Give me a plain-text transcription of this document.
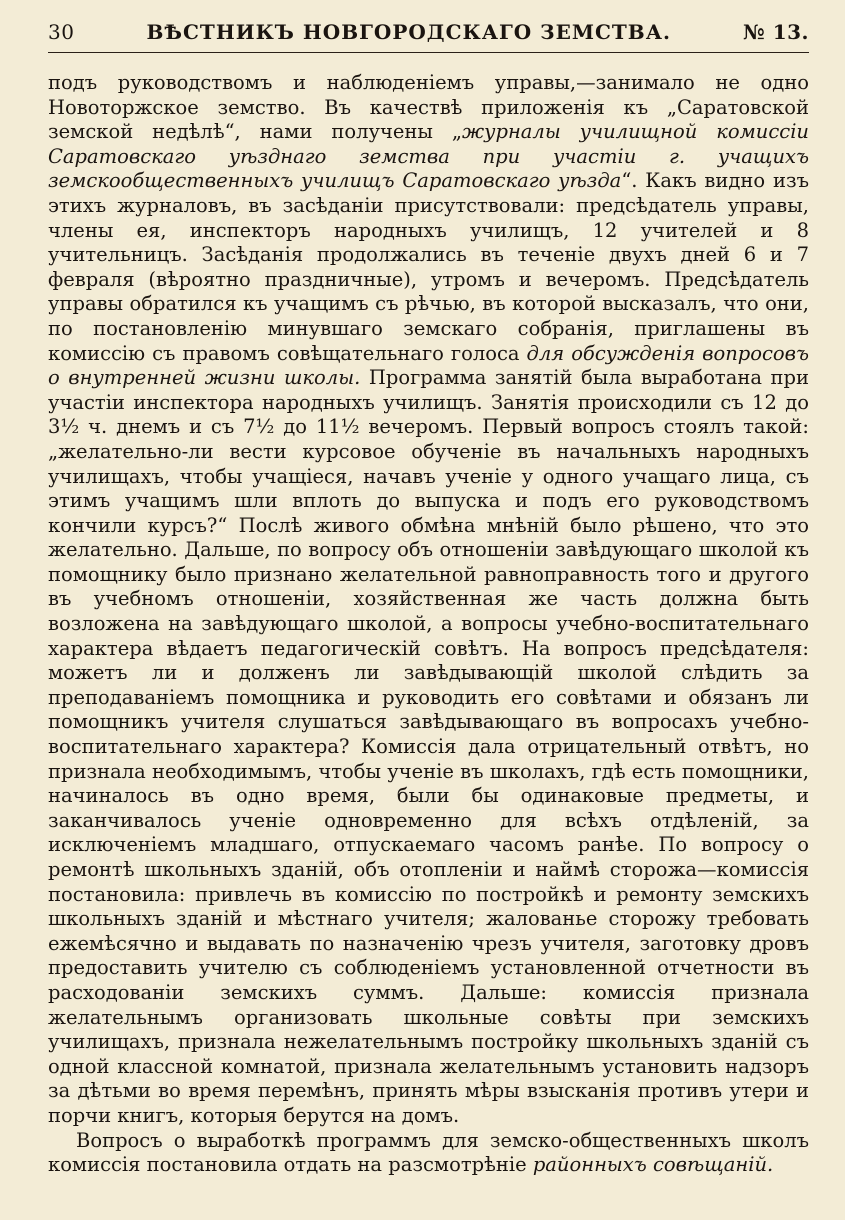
30	ВѢСТНИКЪ НОВГОРОДСКАГО ЗЕМСТВА.	№ 13.

подъ руководствомъ и наблюденіемъ управы,—занимало не одно Новоторжское земство. Въ качествѣ приложенія къ „Саратовской земской недѣлѣ“, нами получены „журналы училищной комиссіи Саратовскаго уѣзднаго земства при участіи г. учащихъ земскообщественныхъ училищъ Саратовскаго уѣзда“. Какъ видно изъ этихъ журналовъ, въ засѣданіи присутствовали: предсѣдатель управы, члены ея, инспекторъ народныхъ училищъ, 12 учителей и 8 учительницъ. Засѣданія продолжались въ теченіе двухъ дней 6 и 7 февраля (вѣроятно праздничные), утромъ и вечеромъ. Предсѣдатель управы обратился къ учащимъ съ рѣчью, въ которой высказалъ, что они, по постановленію минувшаго земскаго собранія, приглашены въ комиссію съ правомъ совѣщательнаго голоса для обсужденія вопросовъ о внутренней жизни школы. Программа занятій была выработана при участіи инспектора народныхъ училищъ. Занятія происходили съ 12 до 3½ ч. днемъ и съ 7½ до 11½ вечеромъ. Первый вопросъ стоялъ такой: „желательно-ли вести курсовое обученіе въ начальныхъ народныхъ училищахъ, чтобы учащіеся, начавъ ученіе у одного учащаго лица, съ этимъ учащимъ шли вплоть до выпуска и подъ его руководствомъ кончили курсъ?“ Послѣ живого обмѣна мнѣній было рѣшено, что это желательно. Дальше, по вопросу объ отношеніи завѣдующаго школой къ помощнику было признано желательной равноправность того и другого въ учебномъ отношеніи, хозяйственная же часть должна быть возложена на завѣдующаго школой, а вопросы учебно-воспитательнаго характера вѣдаетъ педагогическій совѣтъ. На вопросъ предсѣдателя: можетъ ли и долженъ ли завѣдывающій школой слѣдить за преподаваніемъ помощника и руководить его совѣтами и обязанъ ли помощникъ учителя слушаться завѣдывающаго въ вопросахъ учебно-воспитательнаго характера? Комиссія дала отрицательный отвѣтъ, но признала необходимымъ, чтобы ученіе въ школахъ, гдѣ есть помощники, начиналось въ одно время, были бы одинаковые предметы, и заканчивалось ученіе одновременно для всѣхъ отдѣленій, за исключеніемъ младшаго, отпускаемаго часомъ ранѣе. По вопросу о ремонтѣ школьныхъ зданій, объ отопленіи и наймѣ сторожа—комиссія постановила: привлечь въ комиссію по постройкѣ и ремонту земскихъ школьныхъ зданій и мѣстнаго учителя; жалованье сторожу требовать ежемѣсячно и выдавать по назначенію чрезъ учителя, заготовку дровъ предоставить учителю съ соблюденіемъ установленной отчетности въ расходованіи земскихъ суммъ. Дальше: комиссія признала желательнымъ организовать школьные совѣты при земскихъ училищахъ, признала нежелательнымъ постройку школьныхъ зданій съ одной классной комнатой, признала желательнымъ установить надзоръ за дѣтьми во время перемѣнъ, принять мѣры взысканія противъ утери и порчи книгъ, которыя берутся на домъ.

Вопросъ о выработкѣ программъ для земско-общественныхъ школъ комиссія постановила отдать на разсмотрѣніе районныхъ совѣщаній.
